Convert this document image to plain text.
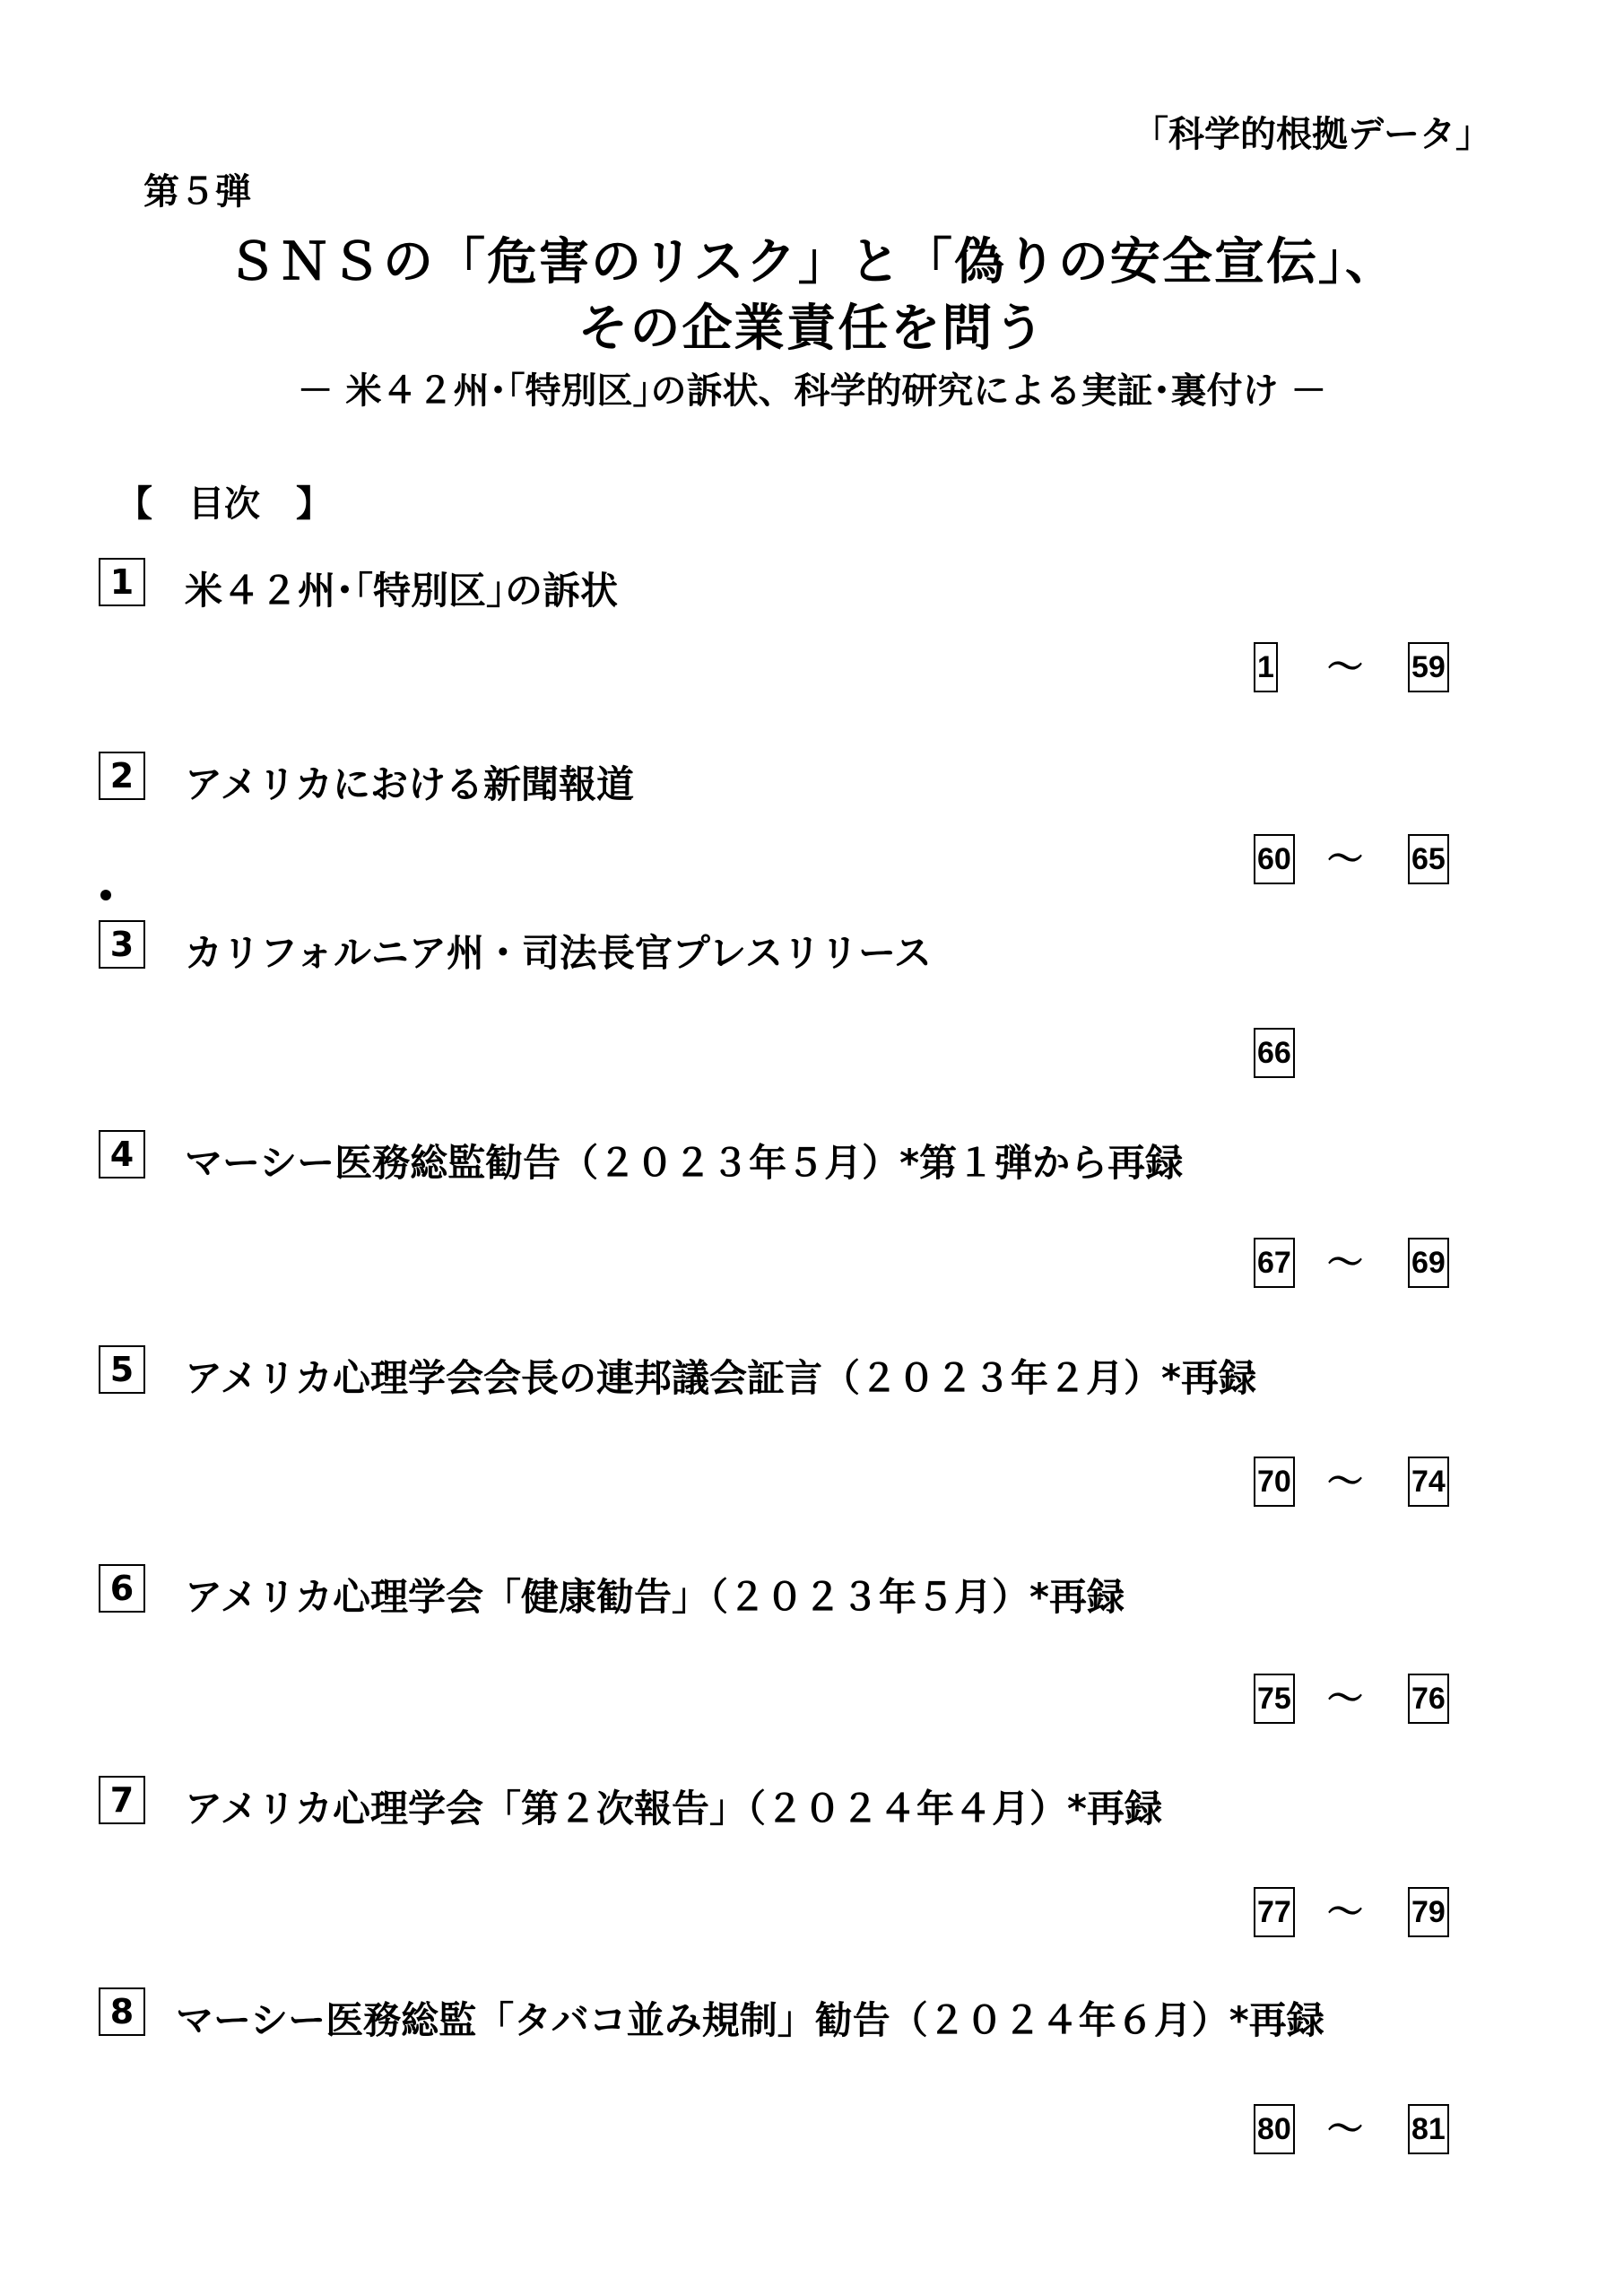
「科学的根拠データ」
第５弾
ＳＮＳの「危害のリスク」と「偽りの安全宣伝」、
その企業責任を問う
－ 米４２州･｢特別区｣の訴状、科学的研究による実証･裏付け －
【　目次　】
1	米４２州･｢特別区｣の訴状
1 ～ 59
2	アメリカにおける新聞報道
60 ～ 65
3	カリフォルニア州・司法長官プレスリリース
66
4	マーシー医務総監勧告（２０２３年５月）*第１弾から再録
67 ～ 69
5	アメリカ心理学会会長の連邦議会証言（２０２３年２月）*再録
70 ～ 74
6	アメリカ心理学会「健康勧告」（２０２３年５月）*再録
75 ～ 76
7	アメリカ心理学会「第２次報告」（２０２４年４月）*再録
77 ～ 79
8	マーシー医務総監「タバコ並み規制」勧告（２０２４年６月）*再録
80 ～ 81
